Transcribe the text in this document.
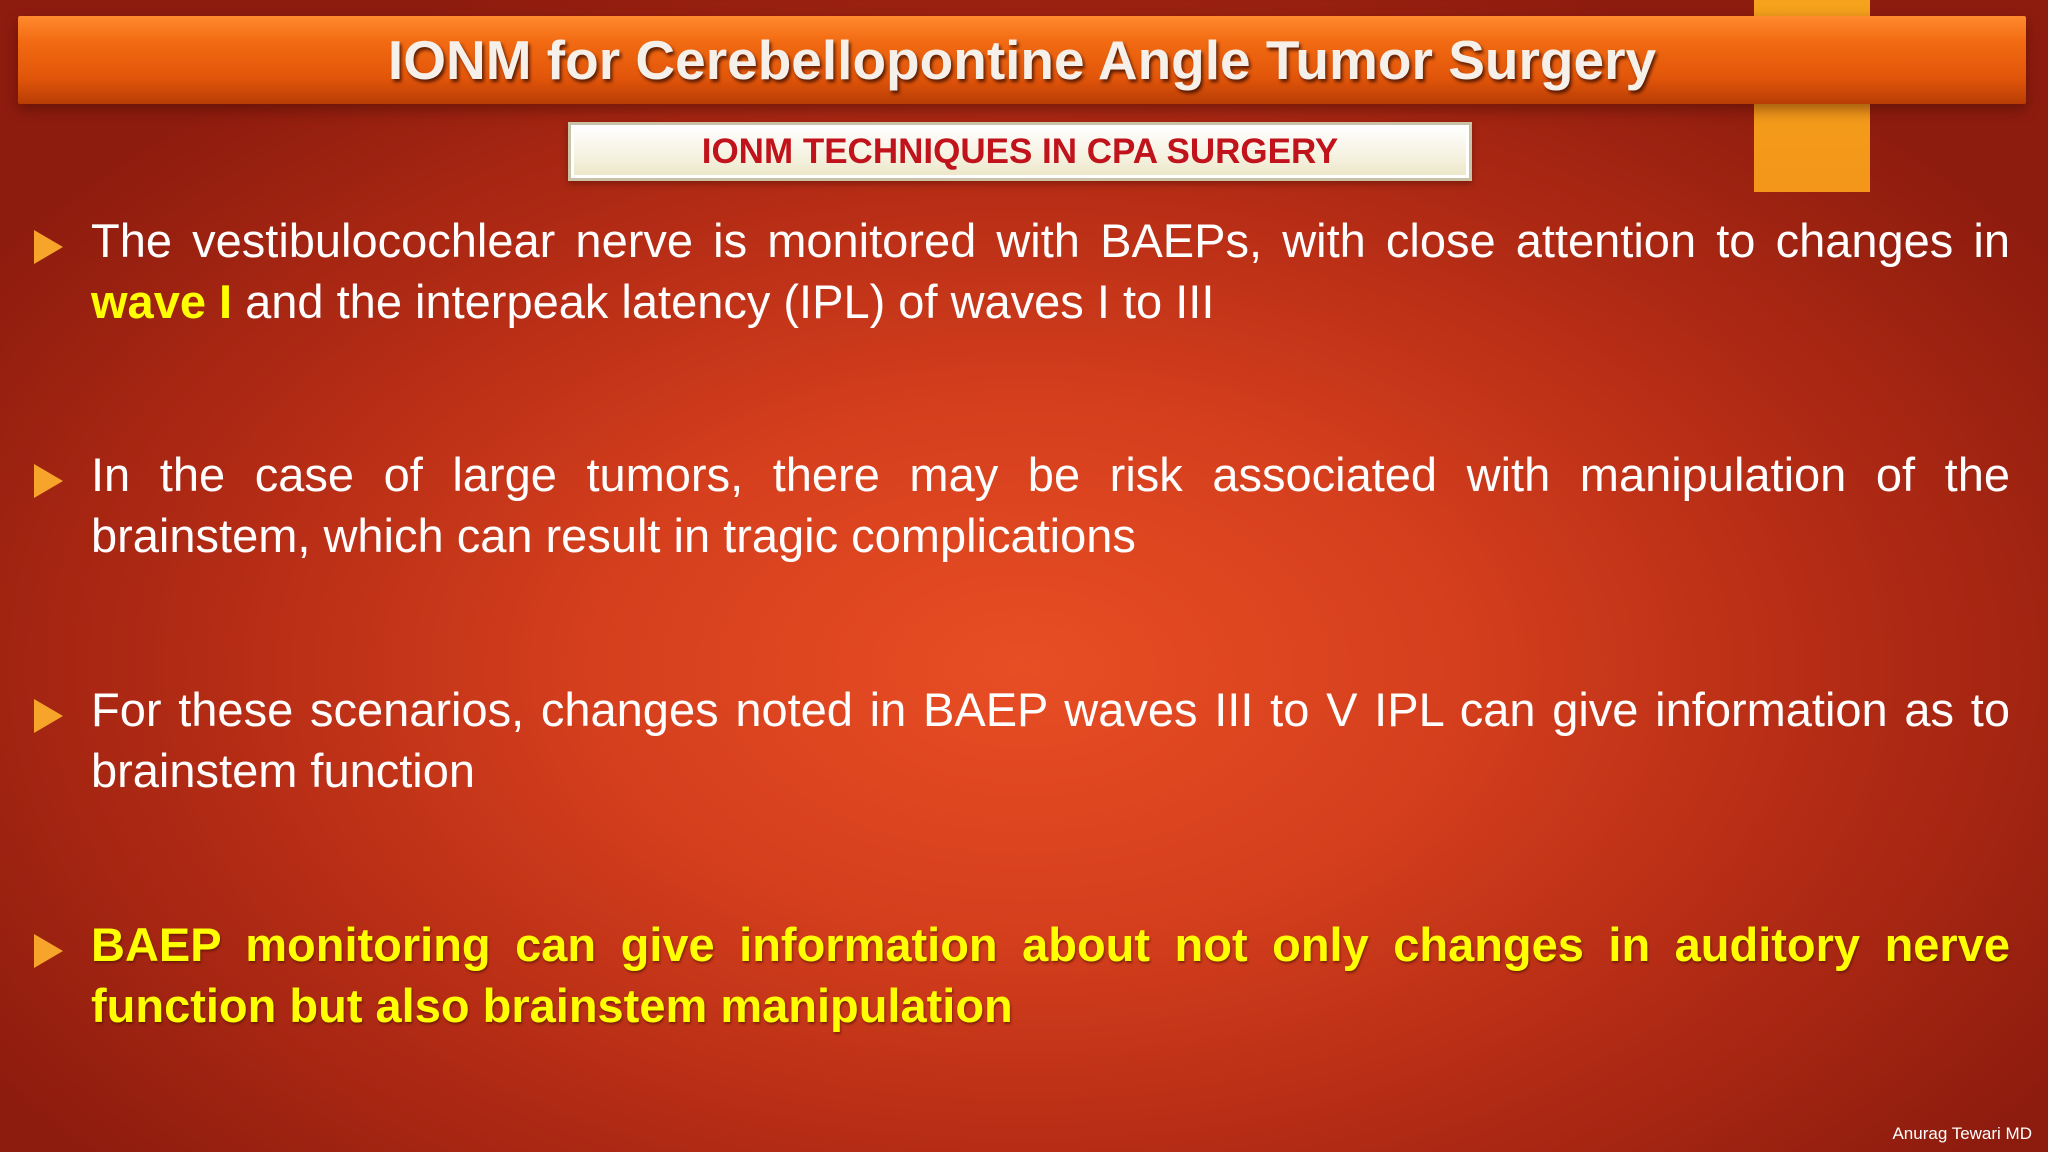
IONM for Cerebellopontine Angle Tumor Surgery
IONM TECHNIQUES IN CPA SURGERY
The vestibulocochlear nerve is monitored with BAEPs, with close attention to changes in wave I and the interpeak latency (IPL) of waves I to III
In the case of large tumors, there may be risk associated with manipulation of the brainstem, which can result in tragic complications
For these scenarios, changes noted in BAEP waves III to V IPL can give information as to brainstem function
BAEP monitoring can give information about not only changes in auditory nerve function but also brainstem manipulation
Anurag Tewari MD
